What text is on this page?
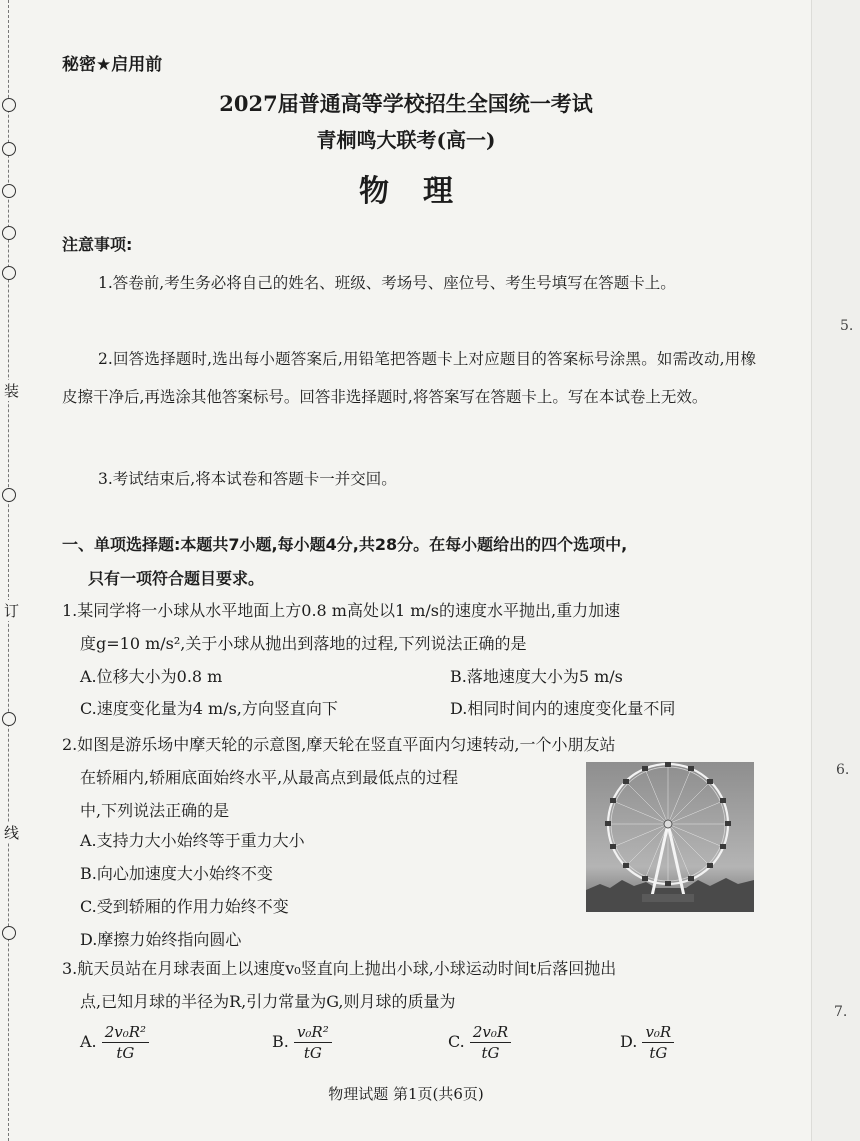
装
订
线
5.
6.
7.
秘密★启用前
2027届普通高等学校招生全国统一考试
青桐鸣大联考(高一)
物理
注意事项:
1.答卷前,考生务必将自己的姓名、班级、考场号、座位号、考生号填写在答题卡上。
2.回答选择题时,选出每小题答案后,用铅笔把答题卡上对应题目的答案标号涂黑。如需改动,用橡皮擦干净后,再选涂其他答案标号。回答非选择题时,将答案写在答题卡上。写在本试卷上无效。
3.考试结束后,将本试卷和答题卡一并交回。
一、单项选择题:本题共7小题,每小题4分,共28分。在每小题给出的四个选项中,
只有一项符合题目要求。
1.某同学将一小球从水平地面上方0.8 m高处以1 m/s的速度水平抛出,重力加速
度g=10 m/s²,关于小球从抛出到落地的过程,下列说法正确的是
A.位移大小为0.8 m	B.落地速度大小为5 m/s
C.速度变化量为4 m/s,方向竖直向下	D.相同时间内的速度变化量不同
2.如图是游乐场中摩天轮的示意图,摩天轮在竖直平面内匀速转动,一个小朋友站
在轿厢内,轿厢底面始终水平,从最高点到最低点的过程
中,下列说法正确的是
A.支持力大小始终等于重力大小
B.向心加速度大小始终不变
C.受到轿厢的作用力始终不变
D.摩擦力始终指向圆心
3.航天员站在月球表面上以速度v₀竖直向上抛出小球,小球运动时间t后落回抛出
点,已知月球的半径为R,引力常量为G,则月球的质量为
A. $\frac{\text{2v₀R²}}{tG}$	B. $\frac{\text{v₀R²}}{tG}$	C. $\frac{\text{2v₀R}}{tG}$	D. $\frac{\text{v₀R}}{tG}$
物理试题 第1页(共6页)
